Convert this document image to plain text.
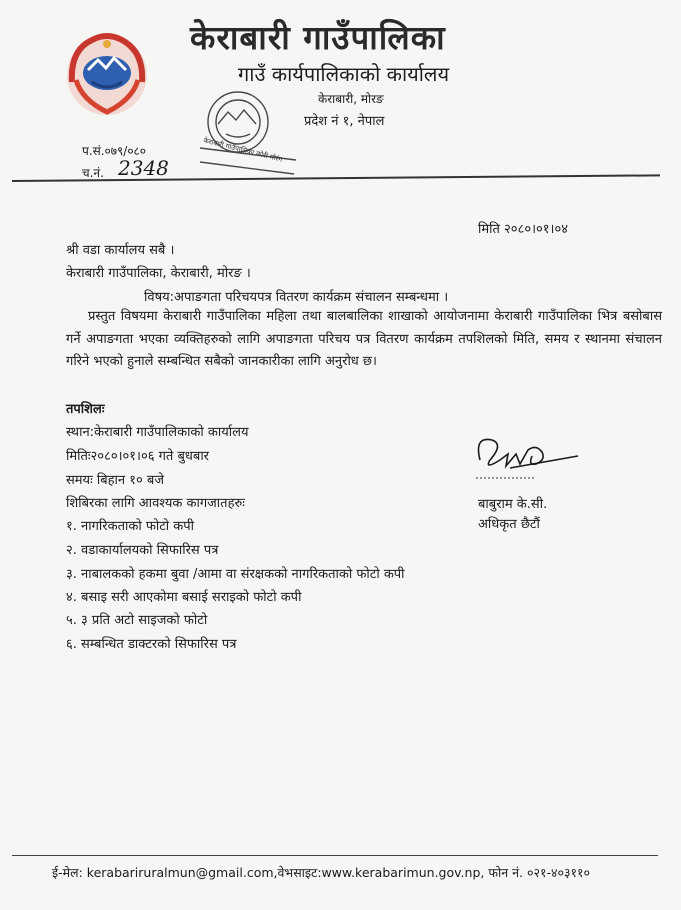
केराबारी गाउँपालिका कोरी मोरंग
केराबारी गाउँपालिका
गाउँ कार्यपालिकाको कार्यालय
केराबारी, मोरङ
प्रदेश नं १, नेपाल
प.सं.०७९/०८०
च.नं. 2348
मिति २०८०।०१।०४
श्री वडा कार्यालय सबै ।
केराबारी गाउँपालिका, केराबारी, मोरङ ।
विषय:अपाङगता परिचयपत्र वितरण कार्यक्रम संचालन सम्बन्धमा ।
प्रस्तुत विषयमा केराबारी गाउँपालिका महिला तथा बालबालिका शाखाको आयोजनामा केराबारी गाउँपालिका भित्र बसोबास गर्ने अपाङगता भएका व्यक्तिहरुको लागि अपाङगता परिचय पत्र वितरण कार्यक्रम तपशिलको मिति, समय र स्थानमा संचालन गरिने भएको हुनाले सम्बन्धित सबैको जानकारीका लागि अनुरोध छ।
तपशिलः
स्थान:केराबारी गाउँपालिकाको कार्यालय
मितिः२०८०।०१।०६ गते बुधबार
समयः बिहान १० बजे
शिबिरका लागि आवश्यक कागजातहरुः
१. नागरिकताको फोटो कपी
२. वडाकार्यालयको सिफारिस पत्र
३. नाबालकको हकमा बुवा /आमा वा संरक्षकको नागरिकताको फोटो कपी
४. बसाइ सरी आएकोमा बसाई सराइको फोटो कपी
५. ३ प्रति अटो साइजको फोटो
६. सम्बन्धित डाक्टरको सिफारिस पत्र
बाबुराम के.सी.
अधिकृत छैटौं
ई-मेल: kerabariruralmun@gmail.com,वेभसाइट:www.kerabarimun.gov.np, फोन नं. ०२१-४०३११०
